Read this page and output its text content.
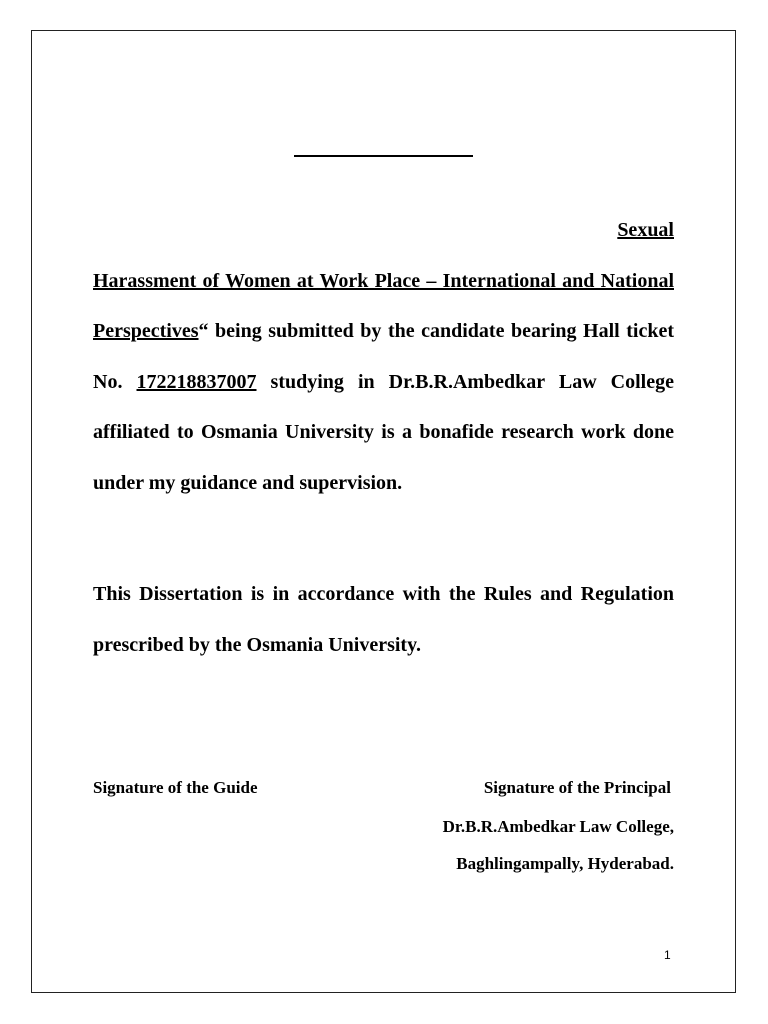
Sexual
Harassment of Women at Work Place – International and National Perspectives“ being submitted by the candidate bearing Hall ticket No. 172218837007 studying in Dr.B.R.Ambedkar Law College affiliated to Osmania University is a bonafide research work done under my guidance and supervision.

This Dissertation is in accordance with the Rules and Regulation prescribed by the Osmania University.

Signature of the Guide	Signature of the Principal
Dr.B.R.Ambedkar Law College,
Baghlingampally, Hyderabad.
1
